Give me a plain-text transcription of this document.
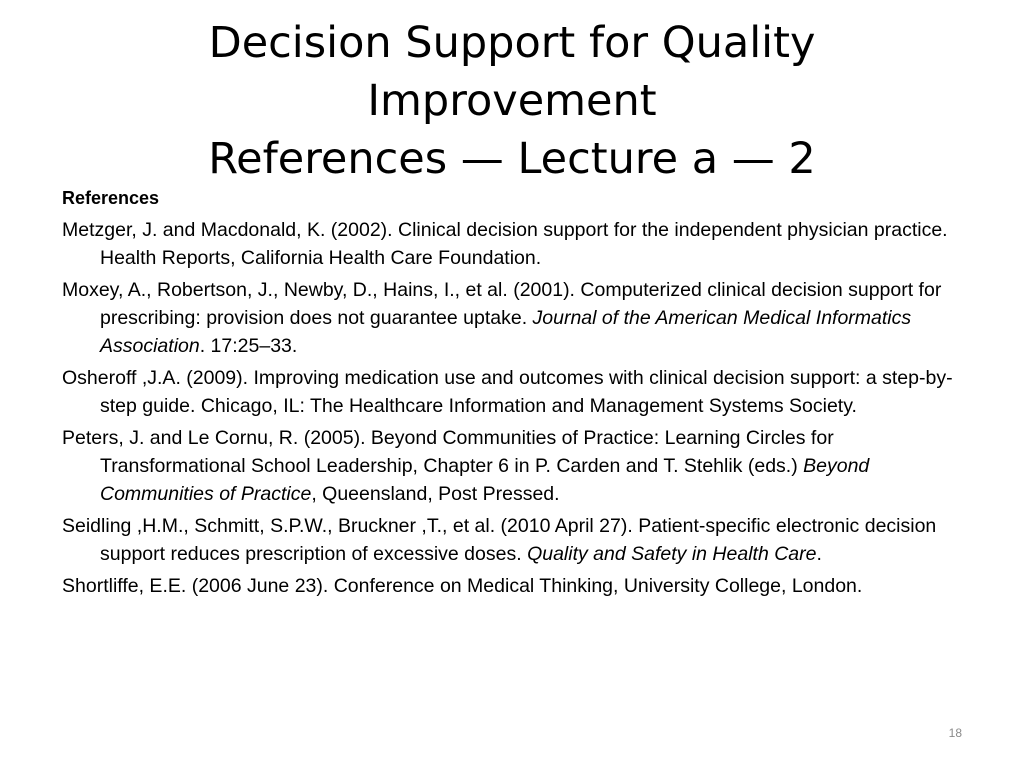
Decision Support for Quality
Improvement
References — Lecture a — 2
References

Metzger, J. and Macdonald, K. (2002). Clinical decision support for the independent physician practice. Health Reports, California Health Care Foundation.

Moxey, A., Robertson, J., Newby, D., Hains, I., et al. (2001). Computerized clinical decision support for prescribing: provision does not guarantee uptake. Journal of the American Medical Informatics Association. 17:25–33.

Osheroff ,J.A. (2009). Improving medication use and outcomes with clinical decision support: a step-by-step guide. Chicago, IL: The Healthcare Information and Management Systems Society.

Peters, J. and Le Cornu, R. (2005). Beyond Communities of Practice: Learning Circles for Transformational School Leadership, Chapter 6 in P. Carden and T. Stehlik (eds.) Beyond Communities of Practice, Queensland, Post Pressed.

Seidling ,H.M., Schmitt, S.P.W., Bruckner ,T., et al. (2010 April 27). Patient-specific electronic decision support reduces prescription of excessive doses. Quality and Safety in Health Care.

Shortliffe, E.E. (2006 June 23). Conference on Medical Thinking, University College, London.

18
